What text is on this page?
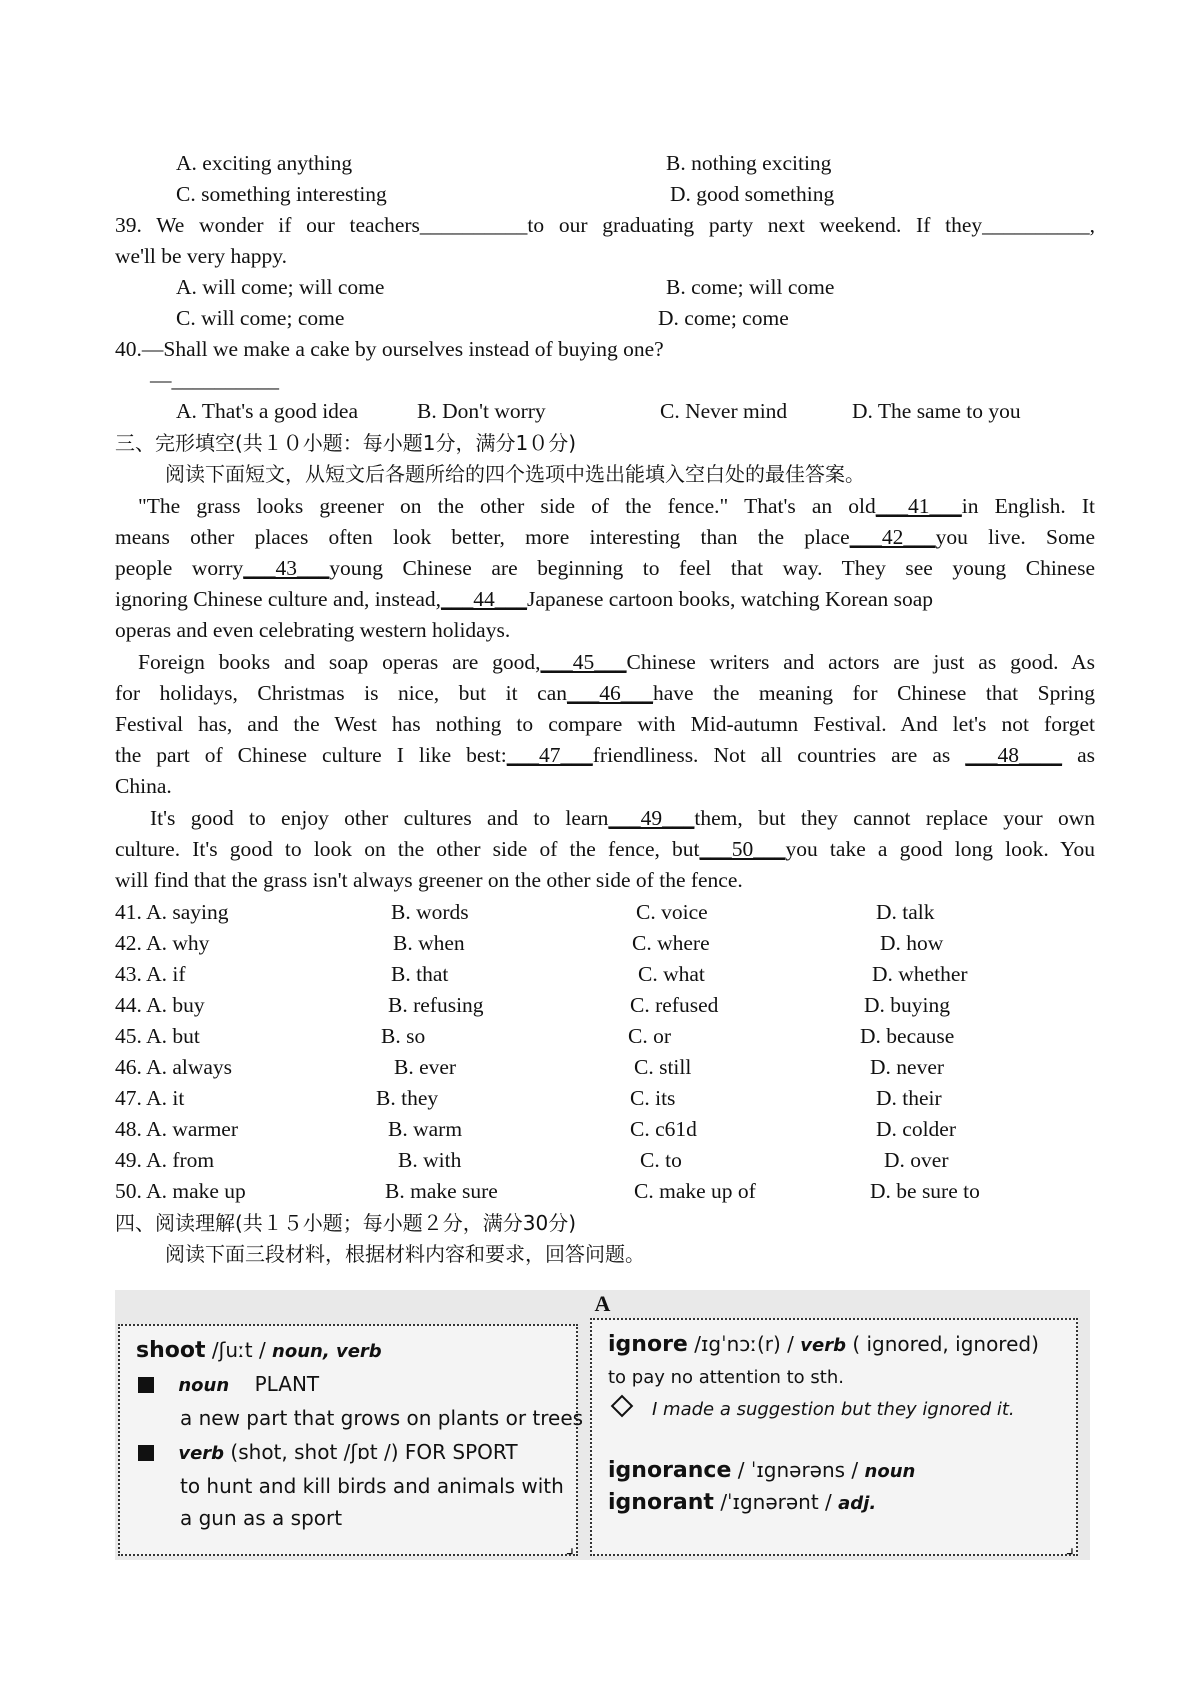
A. exciting anything	B. nothing exciting
C. something interesting	D. good something
39. We wonder if our teachers__________to our graduating party next weekend. If they__________,
we'll be very happy.
A. will come; will come	B. come; will come
C. will come; come	D. come; come
40.—Shall we make a cake by ourselves instead of buying one?
—__________
A. That's a good idea	B. Don't worry	C. Never mind	D. The same to you
三、完形填空(共１０小题：每小题1分，满分1０分)
阅读下面短文，从短文后各题所给的四个选项中选出能填入空白处的最佳答案。
"The grass looks greener on the other side of the fence." That's an old___41___in English. It
means other places often look better, more interesting than the place___42___you live. Some
people worry___43___young Chinese are beginning to feel that way. They see young Chinese
ignoring Chinese culture and, instead,___44___Japanese cartoon books, watching Korean soap
operas and even celebrating western holidays.
Foreign books and soap operas are good,___45___Chinese writers and actors are just as good. As
for holidays, Christmas is nice, but it can___46___have the meaning for Chinese that Spring
Festival has, and the West has nothing to compare with Mid-autumn Festival. And let's not forget
the part of Chinese culture I like best:___47___friendliness. Not all countries are as ___48____ as
China.
It's good to enjoy other cultures and to learn___49___them, but they cannot replace your own
culture. It's good to look on the other side of the fence, but___50___you take a good long look. You
will find that the grass isn't always greener on the other side of the fence.
41. A. saying	B. words	C. voice	D. talk
42. A. why	B. when	C. where	D. how
43. A. if	B. that	C. what	D. whether
44. A. buy	B. refusing	C. refused	D. buying
45. A. but	B. so	C. or	D. because
46. A. always	B. ever	C. still	D. never
47. A. it	B. they	C. its	D. their
48. A. warmer	B. warm	C. c61d	D. colder
49. A. from	B. with	C. to	D. over
50. A. make up	B. make sure	C. make up of	D. be sure to
四、阅读理解(共１５小题；每小题２分，满分30分)
阅读下面三段材料，根据材料内容和要求，回答问题。
A
shoot /ʃuːt / noun, verb
noun PLANT
a new part that grows on plants or trees
verb (shot, shot /ʃɒt /) FOR SPORT
to hunt and kill birds and animals with
a gun as a sport
⌟
ignore /ɪgˈnɔː(r) / verb ( ignored, ignored)
to pay no attention to sth.
I made a suggestion but they ignored it.
ignorance / ˈɪgnərəns / noun
ignorant /ˈɪgnərənt / adj.
⌟
